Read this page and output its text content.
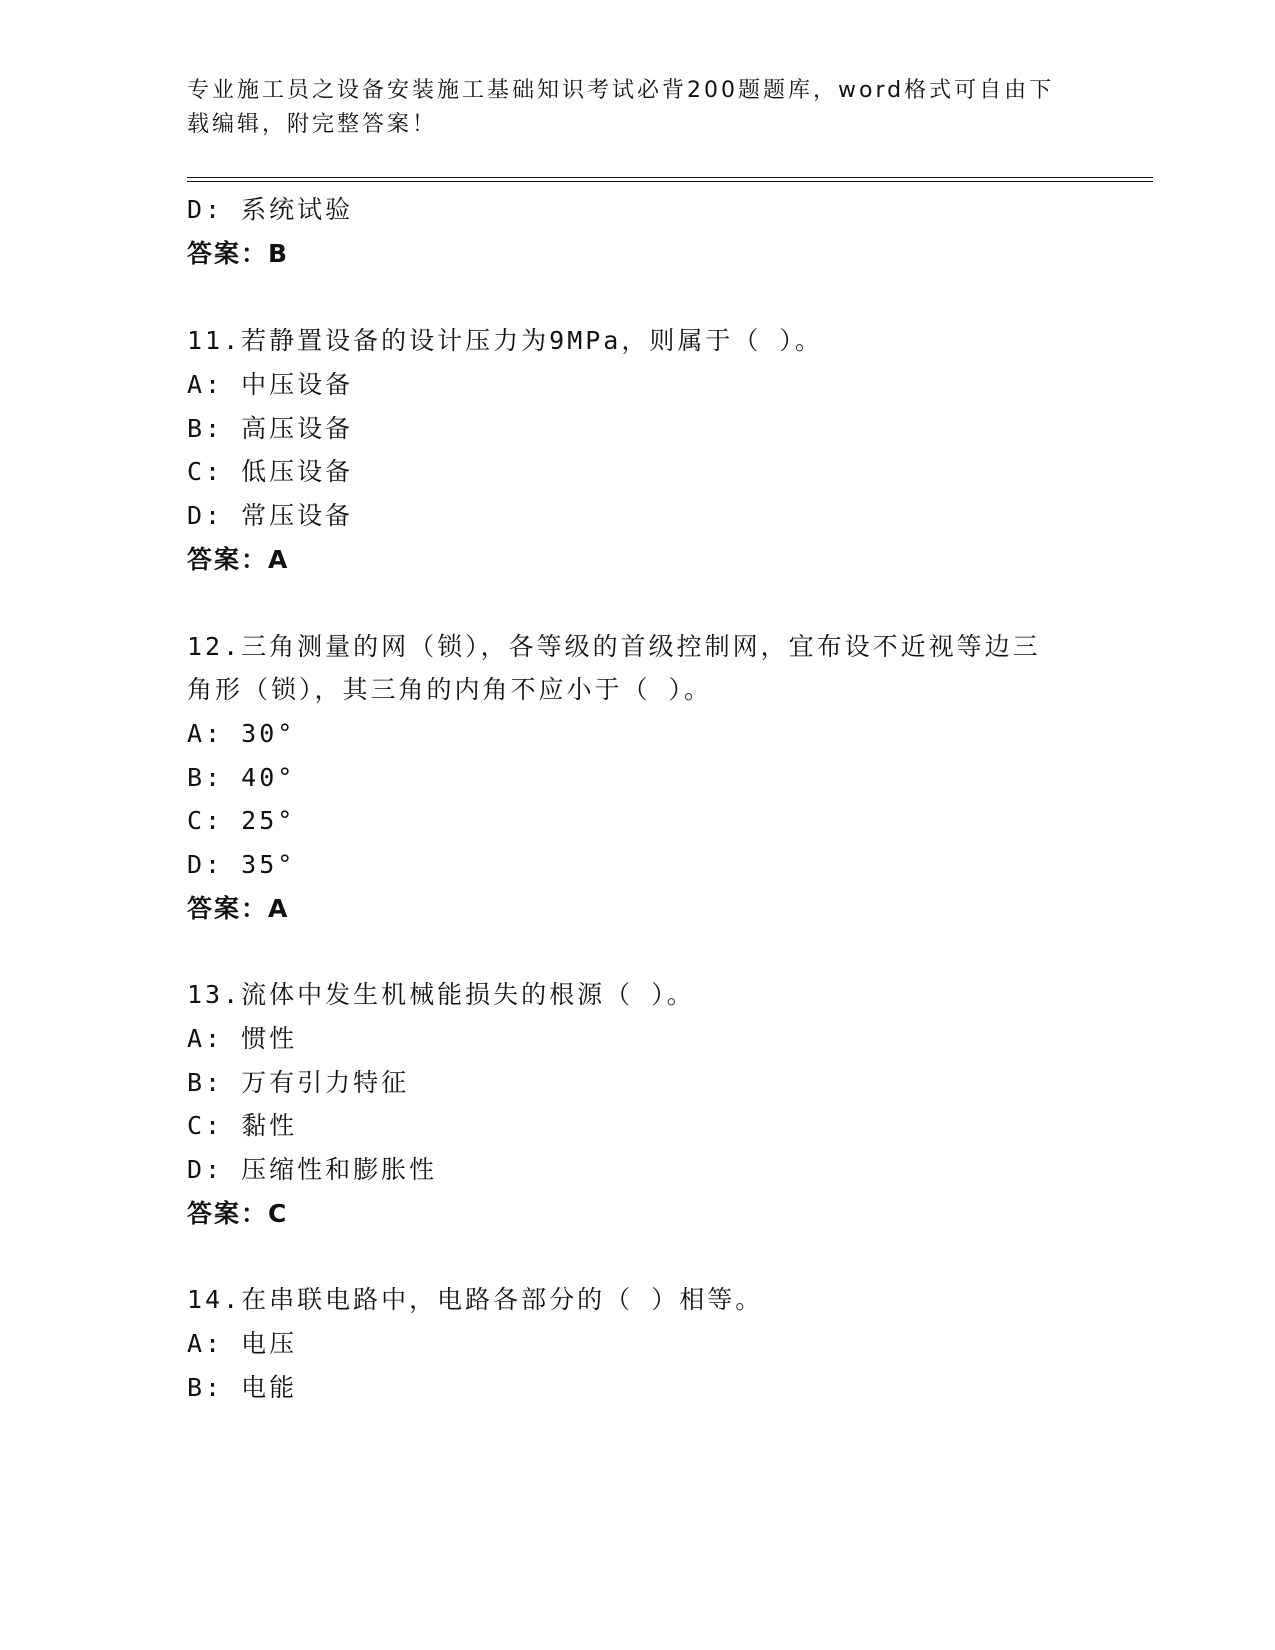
专业施工员之设备安装施工基础知识考试必背200题题库，word格式可自由下载编辑，附完整答案！
D: 系统试验
答案：B
11.若静置设备的设计压力为9MPa，则属于（ ）。
A: 中压设备
B: 高压设备
C: 低压设备
D: 常压设备
答案：A
12.三角测量的网（锁），各等级的首级控制网，宜布设不近视等边三
角形（锁），其三角的内角不应小于（ ）。
A: 30°
B: 40°
C: 25°
D: 35°
答案：A
13.流体中发生机械能损失的根源（ ）。
A: 惯性
B: 万有引力特征
C: 黏性
D: 压缩性和膨胀性
答案：C
14.在串联电路中，电路各部分的（ ）相等。
A: 电压
B: 电能
